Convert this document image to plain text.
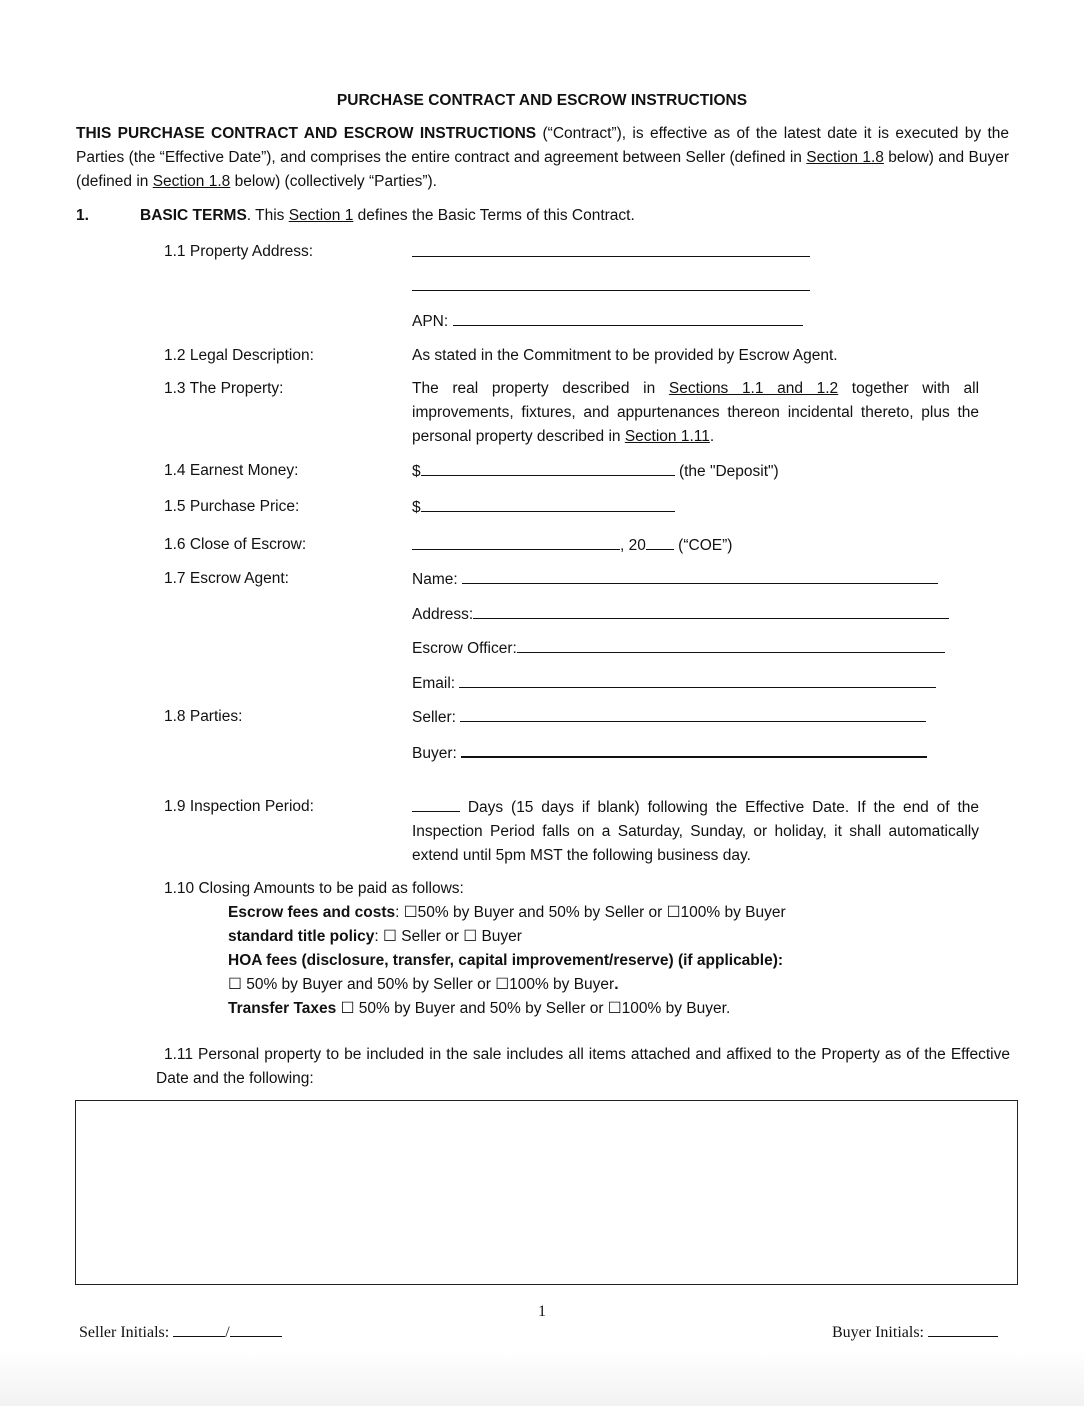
PURCHASE CONTRACT AND ESCROW INSTRUCTIONS
THIS PURCHASE CONTRACT AND ESCROW INSTRUCTIONS (“Contract”), is effective as of the latest date it is executed by the Parties (the “Effective Date”), and comprises the entire contract and agreement between Seller (defined in Section 1.8 below) and Buyer (defined in Section 1.8 below) (collectively “Parties”).
1.	BASIC TERMS. This Section 1 defines the Basic Terms of this Contract.
1.1 Property Address:
APN:
1.2 Legal Description:	As stated in the Commitment to be provided by Escrow Agent.
1.3 The Property:	The real property described in Sections 1.1 and 1.2 together with all improvements, fixtures, and appurtenances thereon incidental thereto, plus the personal property described in Section 1.11.
1.4 Earnest Money:	$	(the "Deposit")
1.5 Purchase Price:	$
1.6 Close of Escrow:	, 20 (“COE”)
1.7 Escrow Agent:	Name:
Address:
Escrow Officer:
Email:
1.8 Parties:	Seller:
Buyer:
1.9 Inspection Period:	Days (15 days if blank) following the Effective Date. If the end of the Inspection Period falls on a Saturday, Sunday, or holiday, it shall automatically extend until 5pm MST the following business day.
1.10 Closing Amounts to be paid as follows:
Escrow fees and costs: ☐50% by Buyer and 50% by Seller or ☐100% by Buyer
standard title policy: ☐ Seller or ☐ Buyer
HOA fees (disclosure, transfer, capital improvement/reserve) (if applicable):
☐ 50% by Buyer and 50% by Seller or ☐100% by Buyer.
Transfer Taxes ☐ 50% by Buyer and 50% by Seller or ☐100% by Buyer.
1.11 Personal property to be included in the sale includes all items attached and affixed to the Property as of the Effective Date and the following:
1
Seller Initials:	/	Buyer Initials:
